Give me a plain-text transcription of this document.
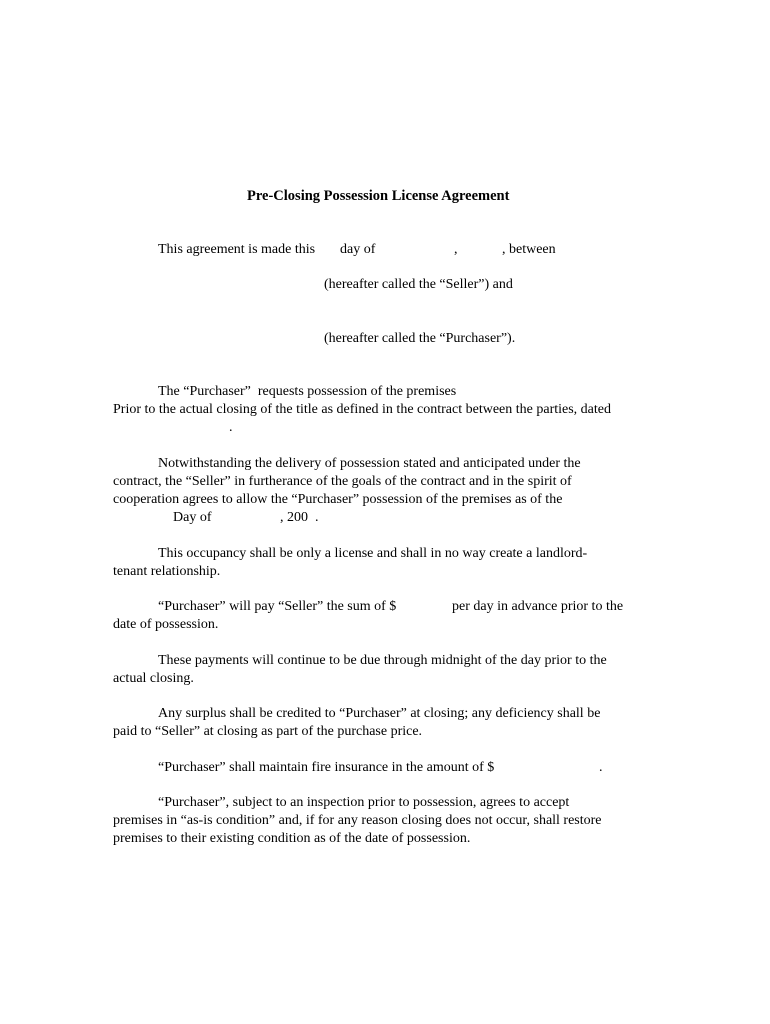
Pre-Closing Possession License Agreement
This agreement is made this day of	,	, between
(hereafter called the “Seller”) and
(hereafter called the “Purchaser”).
The “Purchaser”  requests possession of the premises
Prior to the actual closing of the title as defined in the contract between the parties, dated
.
Notwithstanding the delivery of possession stated and anticipated under the
contract, the “Seller” in furtherance of the goals of the contract and in the spirit of
cooperation agrees to allow the “Purchaser” possession of the premises as of the
Day of	, 200  .
This occupancy shall be only a license and shall in no way create a landlord-
tenant relationship.
“Purchaser” will pay “Seller” the sum of $	per day in advance prior to the
date of possession.
These payments will continue to be due through midnight of the day prior to the
actual closing.
Any surplus shall be credited to “Purchaser” at closing; any deficiency shall be
paid to “Seller” at closing as part of the purchase price.
“Purchaser” shall maintain fire insurance in the amount of $	.
“Purchaser”, subject to an inspection prior to possession, agrees to accept
premises in “as-is condition” and, if for any reason closing does not occur, shall restore
premises to their existing condition as of the date of possession.
